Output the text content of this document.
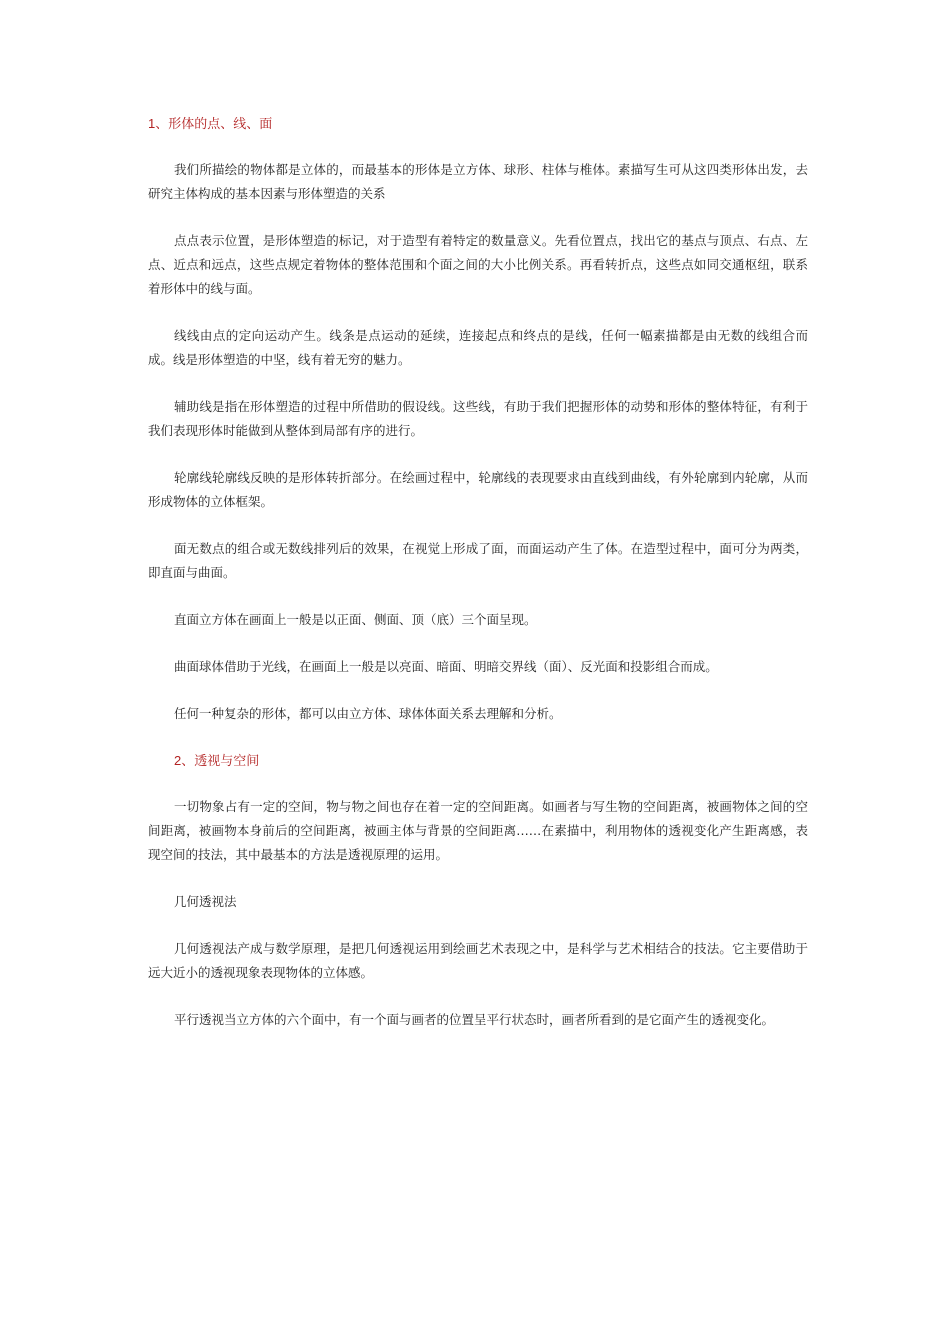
1、形体的点、线、面

我们所描绘的物体都是立体的，而最基本的形体是立方体、球形、柱体与椎体。素描写生可从这四类形体出发，去研究主体构成的基本因素与形体塑造的关系

点点表示位置，是形体塑造的标记，对于造型有着特定的数量意义。先看位置点，找出它的基点与顶点、右点、左点、近点和远点，这些点规定着物体的整体范围和个面之间的大小比例关系。再看转折点，这些点如同交通枢纽，联系着形体中的线与面。

线线由点的定向运动产生。线条是点运动的延续，连接起点和终点的是线，任何一幅素描都是由无数的线组合而成。线是形体塑造的中坚，线有着无穷的魅力。

辅助线是指在形体塑造的过程中所借助的假设线。这些线，有助于我们把握形体的动势和形体的整体特征，有利于我们表现形体时能做到从整体到局部有序的进行。

轮廓线轮廓线反映的是形体转折部分。在绘画过程中，轮廓线的表现要求由直线到曲线，有外轮廓到内轮廓，从而形成物体的立体框架。

面无数点的组合或无数线排列后的效果，在视觉上形成了面，而面运动产生了体。在造型过程中，面可分为两类，即直面与曲面。

直面立方体在画面上一般是以正面、侧面、顶（底）三个面呈现。

曲面球体借助于光线，在画面上一般是以亮面、暗面、明暗交界线（面）、反光面和投影组合而成。

任何一种复杂的形体，都可以由立方体、球体体面关系去理解和分析。

2、透视与空间

一切物象占有一定的空间，物与物之间也存在着一定的空间距离。如画者与写生物的空间距离，被画物体之间的空间距离，被画物本身前后的空间距离，被画主体与背景的空间距离……在素描中，利用物体的透视变化产生距离感，表现空间的技法，其中最基本的方法是透视原理的运用。

几何透视法

几何透视法产成与数学原理，是把几何透视运用到绘画艺术表现之中，是科学与艺术相结合的技法。它主要借助于远大近小的透视现象表现物体的立体感。

平行透视当立方体的六个面中，有一个面与画者的位置呈平行状态时，画者所看到的是它面产生的透视变化。
